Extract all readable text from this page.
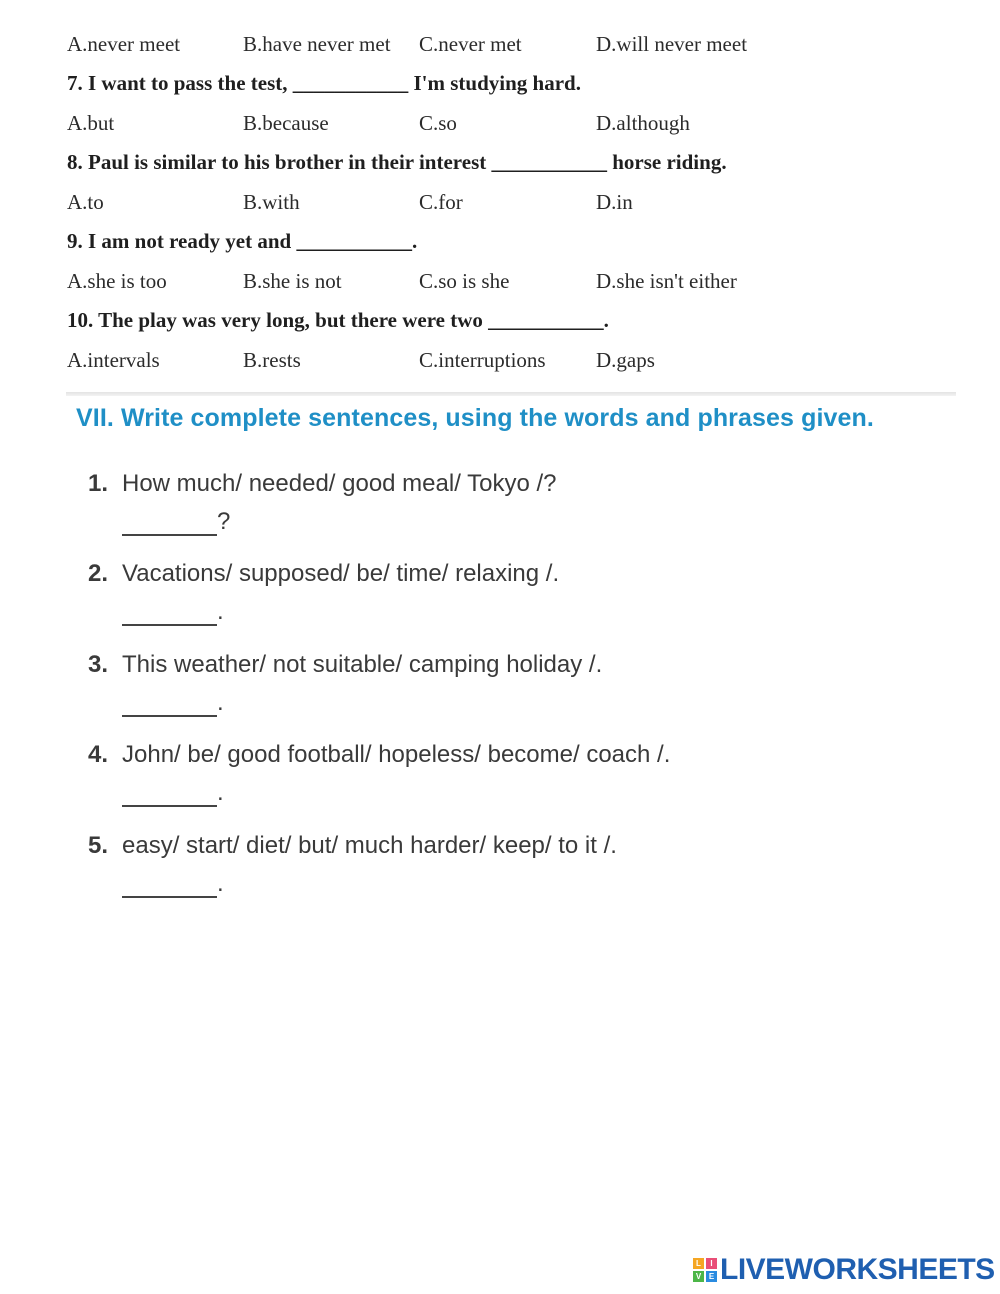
A.never meet	B.have never met C.never met	D.will never meet
7. I want to pass the test, ___________ I'm studying hard.
A.but	B.because	C.so	D.although
8. Paul is similar to his brother in their interest ___________ horse riding.
A.to	B.with	C.for	D.in
9. I am not ready yet and ___________.
A.she is too	B.she is not	C.so is she	D.she isn't either
10. The play was very long, but there were two ___________.
A.intervals	B.rests	C.interruptions D.gaps
VII. Write complete sentences, using the words and phrases given.
1. How much/ needed/ good meal/ Tokyo /?
?
2. Vacations/ supposed/ be/ time/ relaxing /.
.
3. This weather/ not suitable/ camping holiday /.
.
4. John/ be/ good football/ hopeless/ become/ coach /.
.
5. easy/ start/ diet/ but/ much harder/ keep/ to it /.
.
L	I
V E LIVEWORKSHEETS
